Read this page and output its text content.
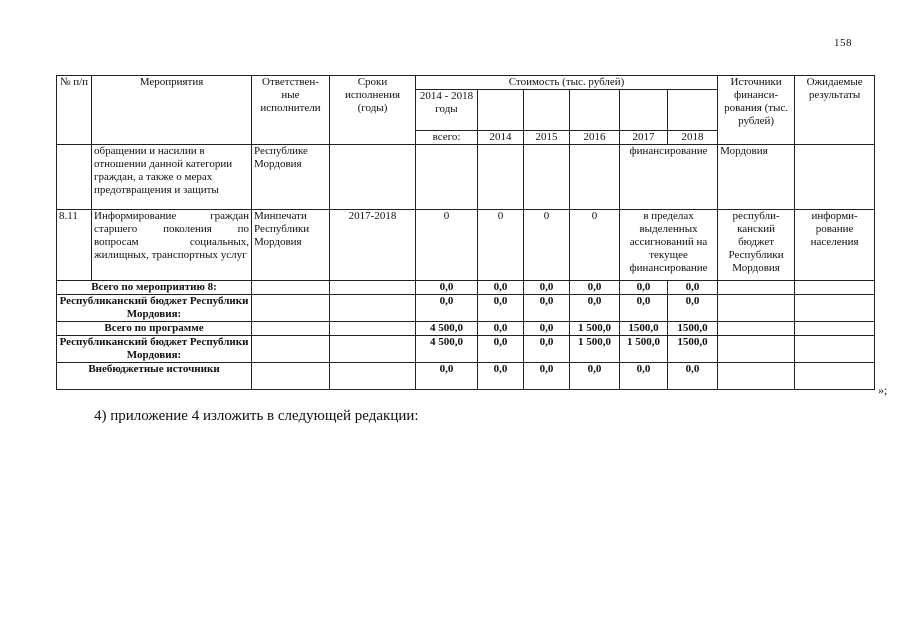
158
№ п/п	Мероприятия	Ответствен-ные исполнители	Сроки исполнения (годы)	Стоимость (тыс. рублей)						Источники финанси-рования (тыс. рублей)	Ожидаемые результаты
				2014 - 2018 годы							
				всего:	2014	2015	2016	2017	2018		
	обращении и насилии в отношении данной категории граждан, а также о мерах предотвращения и защиты	Республике Мордовия						финансирование		Мордовия	
8.11	Информирование граждан старшего поколения по вопросам социальных, жилищных, транспортных услуг	Минпечати Республики Мордовия	2017-2018	0	0	0	0	в пределах выделенных ассигнований на текущее финансирование		республи-канский бюджет Республики Мордовия	информи-рование населения
Всего по мероприятию 8:				0,0	0,0	0,0	0,0	0,0	0,0		
Республиканский бюджет Республики Мордовия:				0,0	0,0	0,0	0,0	0,0	0,0		
Всего по программе				4 500,0	0,0	0,0	1 500,0	1500,0	1500,0		
Республиканский бюджет Республики Мордовия:				4 500,0	0,0	0,0	1 500,0	1 500,0	1500,0		
Внебюджетные источники				0,0	0,0	0,0	0,0	0,0	0,0		
»;
4) приложение 4 изложить в следующей редакции:
